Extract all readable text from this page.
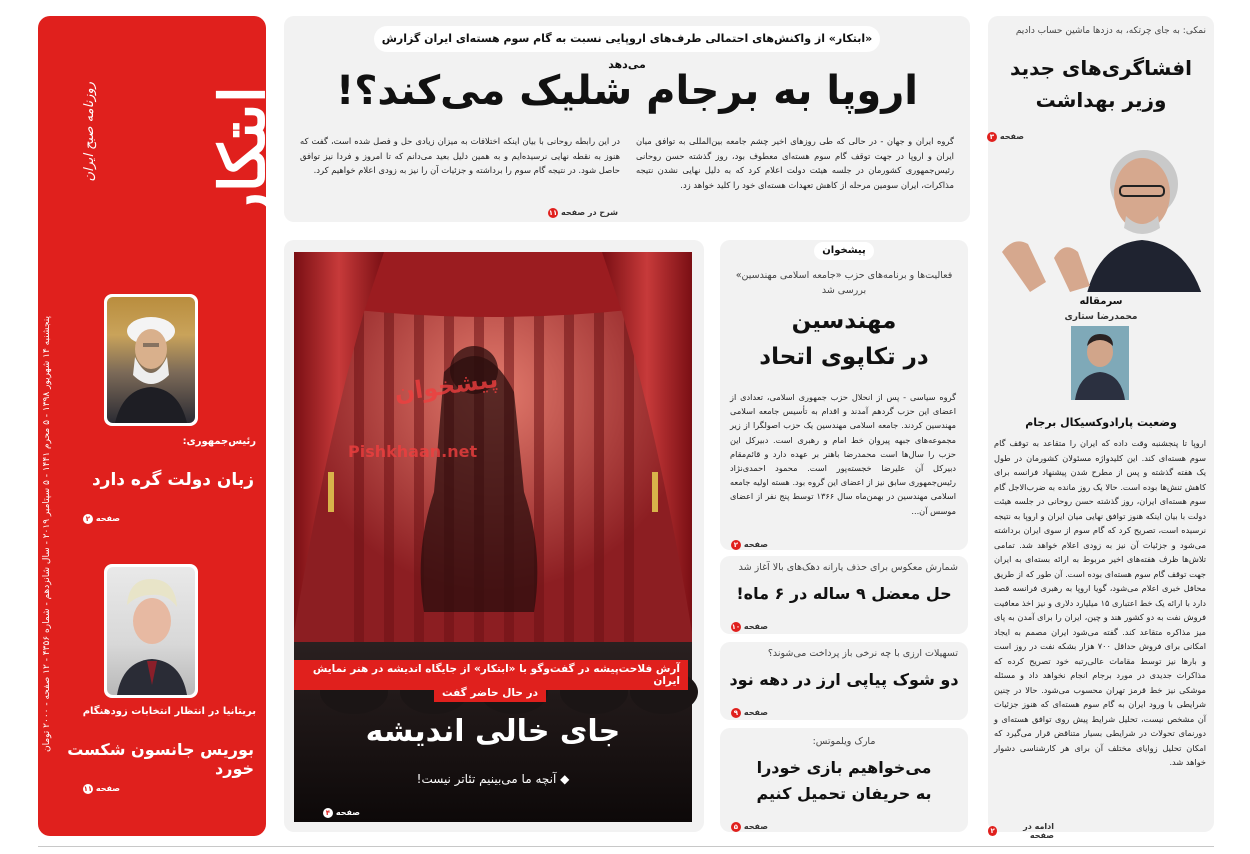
ابتکار
روزنامه صبح ایران
پنجشنبه ۱۴ شهریور ۱۳۹۸ - ۵ محرم ۱۴۴۱ - ۵ سپتامبر ۲۰۱۹ - سال شانزدهم - شماره ۴۳۵۶ - ۱۲ صفحه - ۲۰۰۰ تومان
رئیس‌جمهوری:
زبان دولت گره دارد
صفحه
۲
بریتانیا در انتظار انتخابات زودهنگام
بوریس جانسون شکست خورد
صفحه
۱۱
«ابتکار» از واکنش‌های احتمالی طرف‌های اروپایی نسبت به گام سوم هسته‌ای ایران گزارش می‌دهد
اروپا به برجام شلیک می‌کند؟!
گروه ایران و جهان - در حالی که طی روزهای اخیر چشم جامعه بین‌المللی به توافق میان ایران و اروپا در جهت توقف گام سوم هسته‌ای معطوف بود، روز گذشته حسن روحانی رئیس‌جمهوری کشورمان در جلسه هیئت دولت اعلام کرد که به دلیل نهایی نشدن نتیجه مذاکرات، ایران سومین مرحله از کاهش تعهدات هسته‌ای خود را کلید خواهد زد.
در این رابطه روحانی با بیان اینکه اختلافات به میزان زیادی حل و فصل شده است، گفت که هنوز به نقطه نهایی نرسیده‌ایم و به همین دلیل بعید می‌دانم که تا امروز و فردا نیز توافق حاصل شود. در نتیجه گام سوم را برداشته و جزئیات آن را نیز به زودی اعلام خواهیم کرد.
شرح در صفحه
۱۱
پیشخوان
Pishkhaan.net
آرش فلاحت‌پیشه در گفت‌وگو با «ابتکار» از جایگاه اندیشه در هنر نمایش ایران
در حال حاضر گفت
جای خالی اندیشه
◆ آنچه ما می‌بینیم تئاتر نیست!
صفحه
۴
پیشخوان
فعالیت‌ها و برنامه‌های حزب «جامعه اسلامی مهندسین» بررسی شد
مهندسین
در تکاپوی اتحاد
گروه سیاسی - پس از انحلال حزب جمهوری اسلامی، تعدادی از اعضای این حزب گردهم آمدند و اقدام به تأسیس جامعه اسلامی مهندسین کردند. جامعه اسلامی مهندسین یک حزب اصولگرا از زیر مجموعه‌های جبهه پیروان خط امام و رهبری است. دبیرکل این حزب را سال‌ها است محمدرضا باهنر بر عهده دارد و قائم‌مقام دبیرکل آن علیرضا خجسته‌پور است. محمود احمدی‌نژاد رئیس‌جمهوری سابق نیز از اعضای این گروه بود. هسته اولیه جامعه اسلامی مهندسین در بهمن‌ماه سال ۱۳۶۶ توسط پنج نفر از اعضای موسس آن...
صفحه
۲
شمارش معکوس برای حذف یارانه دهک‌های بالا آغاز شد
حل معضل ۹ ساله در ۶ ماه!
صفحه
۱۰
تسهیلات ارزی با چه نرخی باز پرداخت می‌شوند؟
دو شوک پیاپی ارز در دهه نود
صفحه
۹
مارک ویلموتس:
می‌خواهیم بازی خودرا
به حریفان تحمیل کنیم
صفحه
۵
نمکی: به جای چرتکه، به دزدها ماشین حساب دادیم
افشاگری‌های جدید
وزیر بهداشت
صفحه
۳
سرمقاله
محمدرضا ستاری
وضعیت پارادوکسیکال برجام
اروپا تا پنجشنبه وقت داده که ایران را متقاعد به توقف گام سوم هسته‌ای کند. این کلیدواژه مسئولان کشورمان در طول یک هفته گذشته و پس از مطرح شدن پیشنهاد فرانسه برای کاهش تنش‌ها بوده است. حالا یک روز مانده به ضرب‌الاجل گام سوم هسته‌ای ایران، روز گذشته حسن روحانی در جلسه هیئت دولت با بیان اینکه هنوز توافق نهایی میان ایران و اروپا به نتیجه نرسیده است، تصریح کرد که گام سوم از سوی ایران برداشته می‌شود و جزئیات آن نیز به زودی اعلام خواهد شد. تمامی تلاش‌ها ظرف هفته‌های اخیر مربوط به ارائه بسته‌ای به ایران جهت توقف گام سوم هسته‌ای بوده است. آن طور که از طریق محافل خبری اعلام می‌شود، گویا اروپا به رهبری فرانسه قصد دارد با ارائه یک خط اعتباری ۱۵ میلیارد دلاری و نیز اخذ معافیت فروش نفت به دو کشور هند و چین، ایران را برای آمدن به پای میز مذاکره متقاعد کند. گفته می‌شود ایران مصمم به ایجاد امکانی برای فروش حداقل ۷۰۰ هزار بشکه نفت در روز است و بارها نیز توسط مقامات عالی‌رتبه خود تصریح کرده که مذاکرات جدیدی در مورد برجام انجام نخواهد داد و مسئله موشکی نیز خط قرمز تهران محسوب می‌شود. حالا در چنین شرایطی با ورود ایران به گام سوم هسته‌ای که هنوز جزئیات آن مشخص نیست، تحلیل شرایط پیش روی توافق هسته‌ای و دورنمای تحولات در شرایطی بسیار متناقض قرار می‌گیرد که امکان تحلیل زوایای مختلف آن برای هر کارشناسی دشوار خواهد شد.
ادامه در صفحه
۲
